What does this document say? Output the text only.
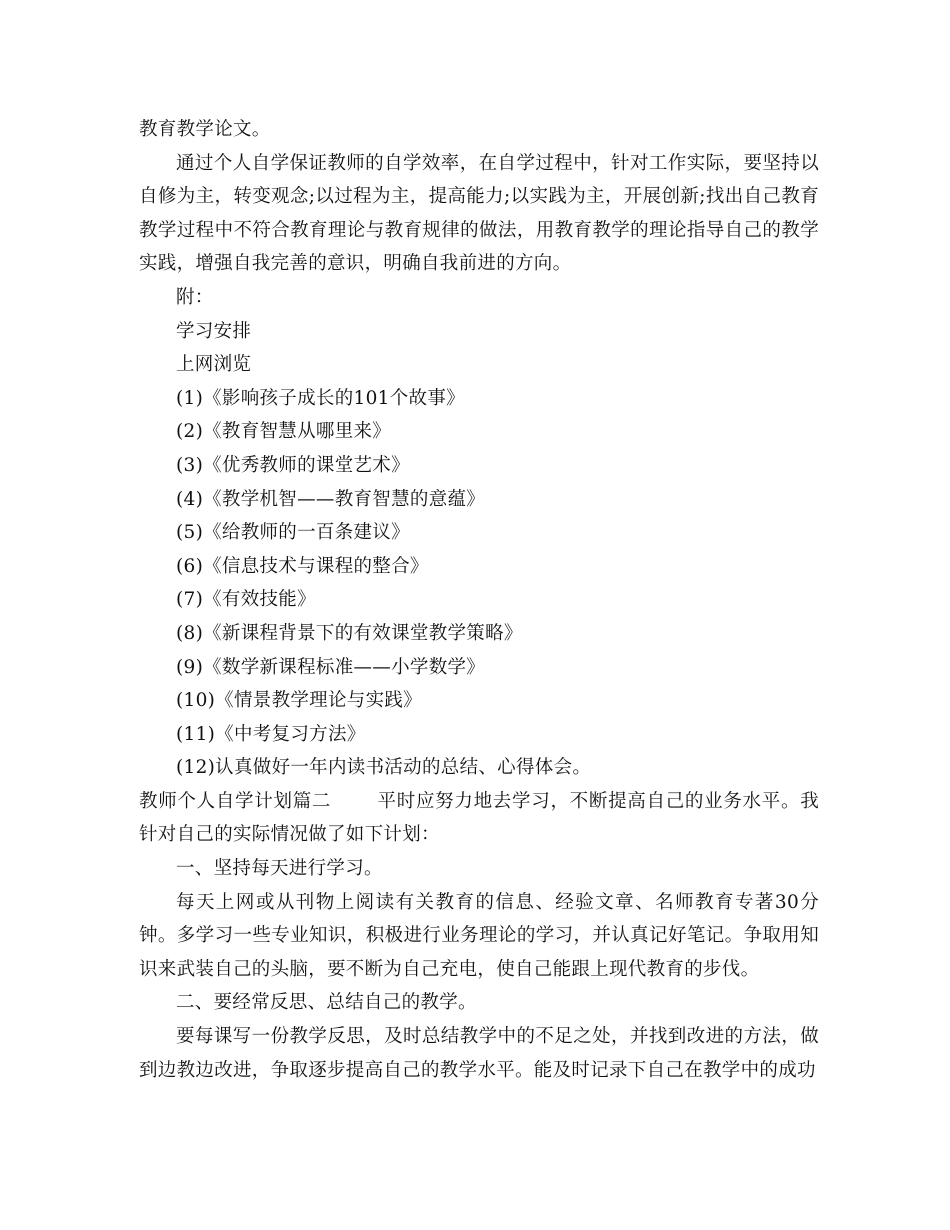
教育教学论文。

通过个人自学保证教师的自学效率，在自学过程中，针对工作实际，要坚持以自修为主，转变观念;以过程为主，提高能力;以实践为主，开展创新;找出自己教育教学过程中不符合教育理论与教育规律的做法，用教育教学的理论指导自己的教学实践，增强自我完善的意识，明确自我前进的方向。

附：

学习安排

上网浏览

(1)《影响孩子成长的101个故事》

(2)《教育智慧从哪里来》

(3)《优秀教师的课堂艺术》

(4)《教学机智——教育智慧的意蕴》

(5)《给教师的一百条建议》

(6)《信息技术与课程的整合》

(7)《有效技能》

(8)《新课程背景下的有效课堂教学策略》

(9)《数学新课程标准——小学数学》

(10)《情景教学理论与实践》

(11)《中考复习方法》

(12)认真做好一年内读书活动的总结、心得体会。

教师个人自学计划篇二 平时应努力地去学习，不断提高自己的业务水平。我针对自己的实际情况做了如下计划：

一、坚持每天进行学习。

每天上网或从刊物上阅读有关教育的信息、经验文章、名师教育专著30分钟。多学习一些专业知识，积极进行业务理论的学习，并认真记好笔记。争取用知识来武装自己的头脑，要不断为自己充电，使自己能跟上现代教育的步伐。

二、要经常反思、总结自己的教学。

要每课写一份教学反思，及时总结教学中的不足之处，并找到改进的方法，做到边教边改进，争取逐步提高自己的教学水平。能及时记录下自己在教学中的成功
